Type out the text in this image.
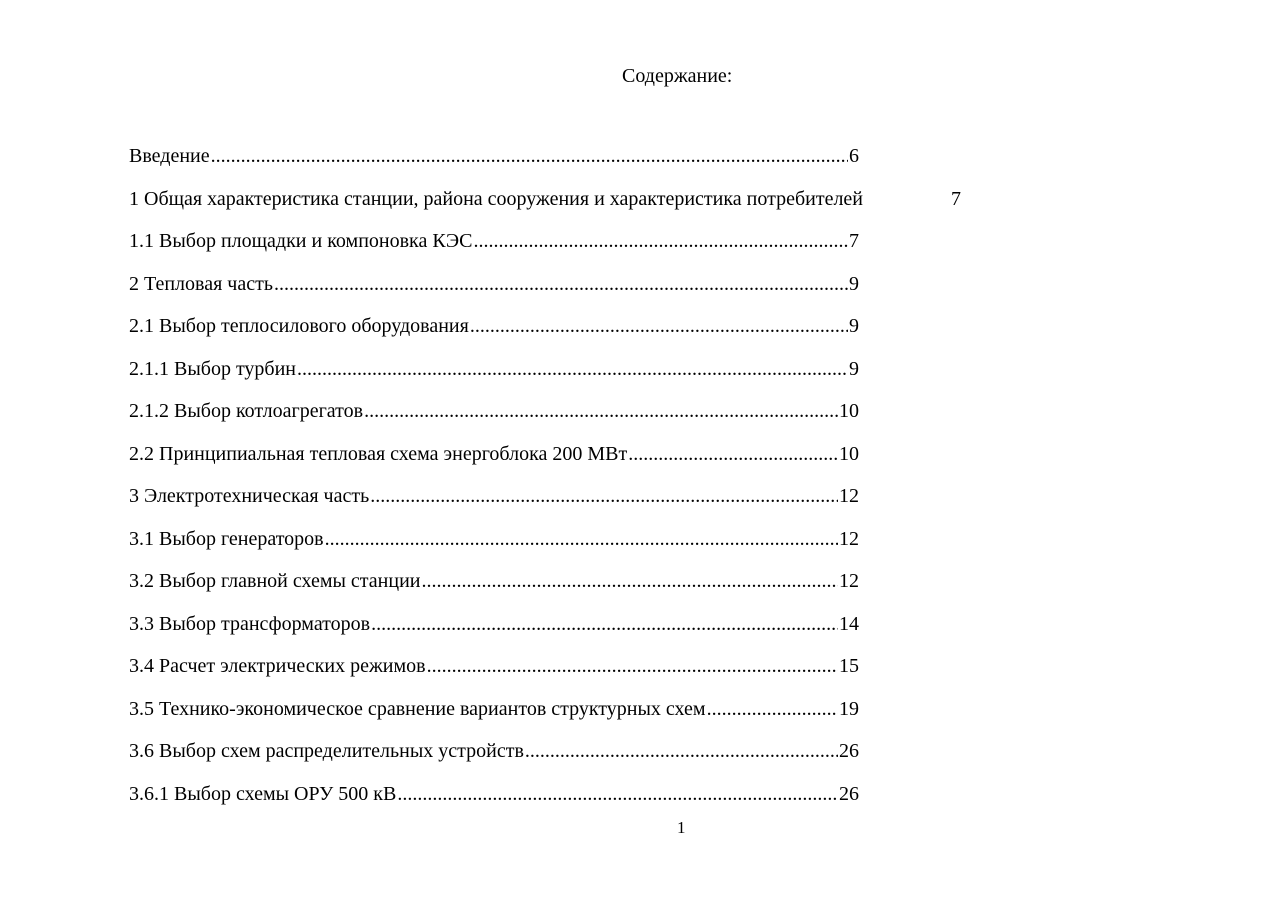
Содержание:
Введение .....	6
1 Общая характеристика станции, района сооружения и характеристика потребителей	7
1.1 Выбор площадки и компоновка КЭС .....	7
2 Тепловая часть .....	9
2.1 Выбор теплосилового оборудования .....	9
2.1.1 Выбор турбин .....	9
2.1.2 Выбор котлоагрегатов .....	10
2.2 Принципиальная тепловая схема энергоблока 200 МВт .....	10
3 Электротехническая часть .....	12
3.1 Выбор генераторов .....	12
3.2 Выбор главной схемы станции .....	12
3.3 Выбор трансформаторов .....	14
3.4 Расчет электрических режимов .....	15
3.5 Технико-экономическое сравнение вариантов структурных схем .....	19
3.6 Выбор схем распределительных устройств .....	26
3.6.1 Выбор схемы ОРУ 500 кВ .....	26
1
